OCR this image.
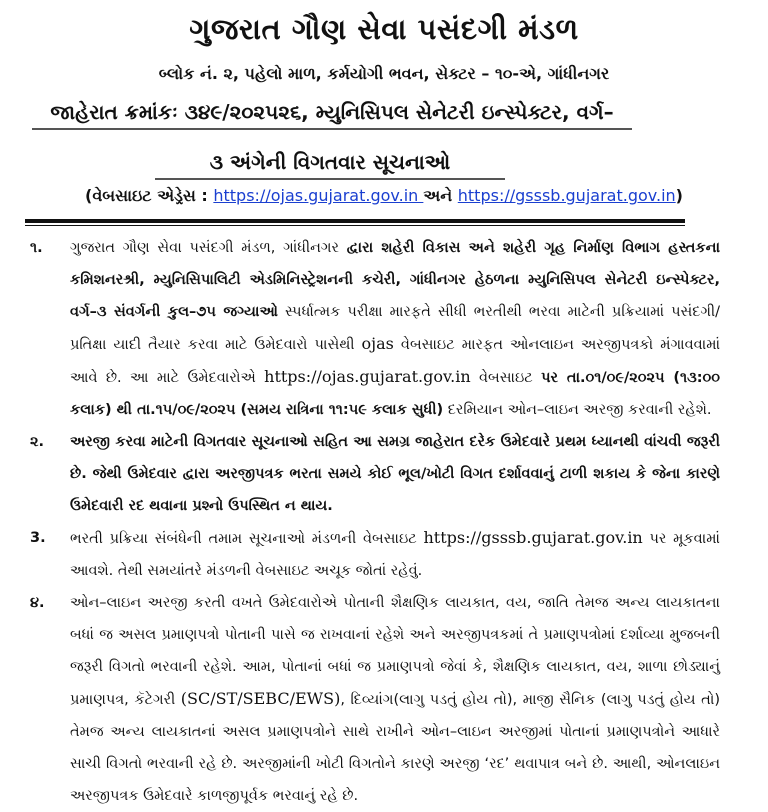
ગુજરાત ગૌણ સેવા પસંદગી મંડળ
બ્લોક નં. ૨, પહેલો માળ, કર્મયોગી ભવન, સેક્ટર – ૧૦-એ, ગાંધીનગર
જાહેરાત ક્રમાંકઃ ૩૪૯/૨૦૨૫૨૬, મ્યુનિસિપલ સેનેટરી ઇન્સ્પેક્ટર, વર્ગ–
૩ અંગેની વિગતવાર સૂચનાઓ
(વેબસાઇટ એડ્રેસ : https://ojas.gujarat.gov.in અને https://gsssb.gujarat.gov.in)
૧. ગુજરાત ગૌણ સેવા પસંદગી મંડળ, ગાંધીનગર દ્વારા શહેરી વિકાસ અને શહેરી ગૃહ નિર્માણ વિભાગ હસ્તકના કમિશનરશ્રી, મ્યુનિસિપાલિટી એડમિનિસ્ટ્રેશનની કચેરી, ગાંધીનગર હેઠળના મ્યુનિસિપલ સેનેટરી ઇન્સ્પેક્ટર, વર્ગ–૩ સંવર્ગની કુલ–૭૫ જગ્યાઓ સ્પર્ધાત્મક પરીક્ષા મારફતે સીધી ભરતીથી ભરવા માટેની પ્રક્રિયામાં પસંદગી/પ્રતિક્ષા યાદી તૈયાર કરવા માટે ઉમેદવારો પાસેથી ojas વેબસાઇટ મારફત ઓનલાઇન અરજીપત્રકો મંગાવવામાં આવે છે. આ માટે ઉમેદવારોએ https://ojas.gujarat.gov.in વેબસાઇટ પર તા.૦૧/૦૯/૨૦૨૫ (૧૩:૦૦ કલાક) થી તા.૧૫/૦૯/૨૦૨૫ (સમય રાત્રિના ૧૧:૫૯ કલાક સુધી) દરમિયાન ઓન–લાઇન અરજી કરવાની રહેશે.
૨. અરજી કરવા માટેની વિગતવાર સૂચનાઓ સહિત આ સમગ્ર જાહેરાત દરેક ઉમેદવારે પ્રથમ ધ્યાનથી વાંચવી જરૂરી છે. જેથી ઉમેદવાર દ્વારા અરજીપત્રક ભરતા સમયે કોઈ ભૂલ/ખોટી વિગત દર્શાવવાનું ટાળી શકાય કે જેના કારણે ઉમેદવારી રદ થવાના પ્રશ્નો ઉપસ્થિત ન થાય.
3. ભરતી પ્રક્રિયા સંબંધેની તમામ સૂચનાઓ મંડળની વેબસાઇટ https://gsssb.gujarat.gov.in પર મૂકવામાં આવશે. તેથી સમયાંતરે મંડળની વેબસાઇટ અચૂક જોતાં રહેવું.
૪. ઓન–લાઇન અરજી કરતી વખતે ઉમેદવારોએ પોતાની શૈક્ષણિક લાયકાત, વય, જાતિ તેમજ અન્ય લાયકાતના બધાં જ અસલ પ્રમાણપત્રો પોતાની પાસે જ રાખવાનાં રહેશે અને અરજીપત્રકમાં તે પ્રમાણપત્રોમાં દર્શાવ્યા મુજબની જરૂરી વિગતો ભરવાની રહેશે. આમ, પોતાનાં બધાં જ પ્રમાણપત્રો જેવાં કે, શૈક્ષણિક લાયકાત, વય, શાળા છોડ્યાનું પ્રમાણપત્ર, કૅટેગરી (SC/ST/SEBC/EWS), દિવ્યાંગ(લાગુ પડતું હોય તો), માજી સૈનિક (લાગુ પડતું હોય તો) તેમજ અન્ય લાયકાતનાં અસલ પ્રમાણપત્રોને સાથે રાખીને ઓન–લાઇન અરજીમાં પોતાનાં પ્રમાણપત્રોને આધારે સાચી વિગતો ભરવાની રહે છે. અરજીમાંની ખોટી વિગતોને કારણે અરજી ‘રદ’ થવાપાત્ર બને છે. આથી, ઓનલાઇન અરજીપત્રક ઉમેદવારે કાળજીપૂર્વક ભરવાનું રહે છે.
